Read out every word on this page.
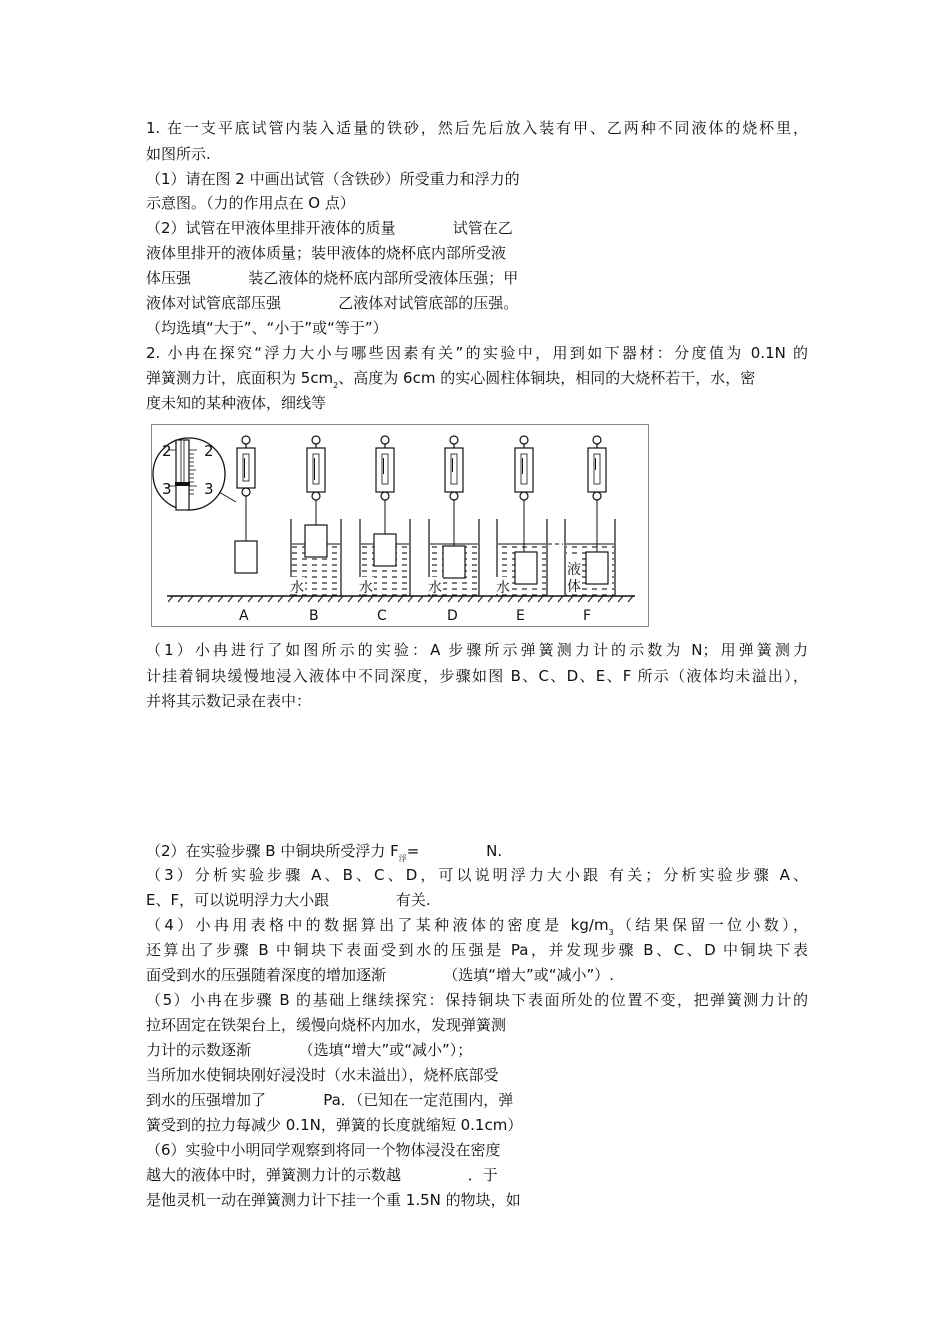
1. 在一支平底试管内装入适量的铁砂，然后先后放入装有甲、乙两种不同液体的烧杯里，
如图所示.
（1）请在图 2 中画出试管（含铁砂）所受重力和浮力的
示意图。（力的作用点在 O 点）
（2）试管在甲液体里排开液体的质量            试管在乙
液体里排开的液体质量；装甲液体的烧杯底内部所受液
体压强            装乙液体的烧杯底内部所受液体压强；甲
液体对试管底部压强            乙液体对试管底部的压强。
（均选填“大于”、“小于”或“等于”）
2. 小冉在探究“浮力大小与哪些因素有关”的实验中，用到如下器材：分度值为 0.1N 的
弹簧测力计，底面积为 $5cm_2$、高度为 6cm 的实心圆柱体铜块，相同的大烧杯若干，水，密
度未知的某种液体，细线等
2 2
3 3
水	水	水	水
液
体
A	B	C	D	E	F
（1）小冉进行了如图所示的实验：A 步骤所示弹簧测力计的示数为 N；用弹簧测力
计挂着铜块缓慢地浸入液体中不同深度，步骤如图 B、C、D、E、F 所示（液体均未溢出），
并将其示数记录在表中：
（2）在实验步骤 B 中铜块所受浮力 $F_浮=$              N.
（3）分析实验步骤 A、B、C、D，可以说明浮力大小跟 有关；分析实验步骤 A、
E、F，可以说明浮力大小跟              有关.
（4）小冉用表格中的数据算出了某种液体的密度是 $kg/m_3$（结果保留一位小数），
还算出了步骤 B 中铜块下表面受到水的压强是 Pa，并发现步骤 B、C、D 中铜块下表
面受到水的压强随着深度的增加逐渐            （选填“增大”或“减小”）.
（5）小冉在步骤 B 的基础上继续探究：保持铜块下表面所处的位置不变，把弹簧测力计的
拉环固定在铁架台上，缓慢向烧杯内加水，发现弹簧测
力计的示数逐渐          （选填“增大”或“减小”）；
当所加水使铜块刚好浸没时（水未溢出），烧杯底部受
到水的压强增加了            Pa．（已知在一定范围内，弹
簧受到的拉力每减少 0.1N，弹簧的长度就缩短 0.1cm）
（6）实验中小明同学观察到将同一个物体浸没在密度
越大的液体中时，弹簧测力计的示数越              ．于
是他灵机一动在弹簧测力计下挂一个重 1.5N 的物块，如
